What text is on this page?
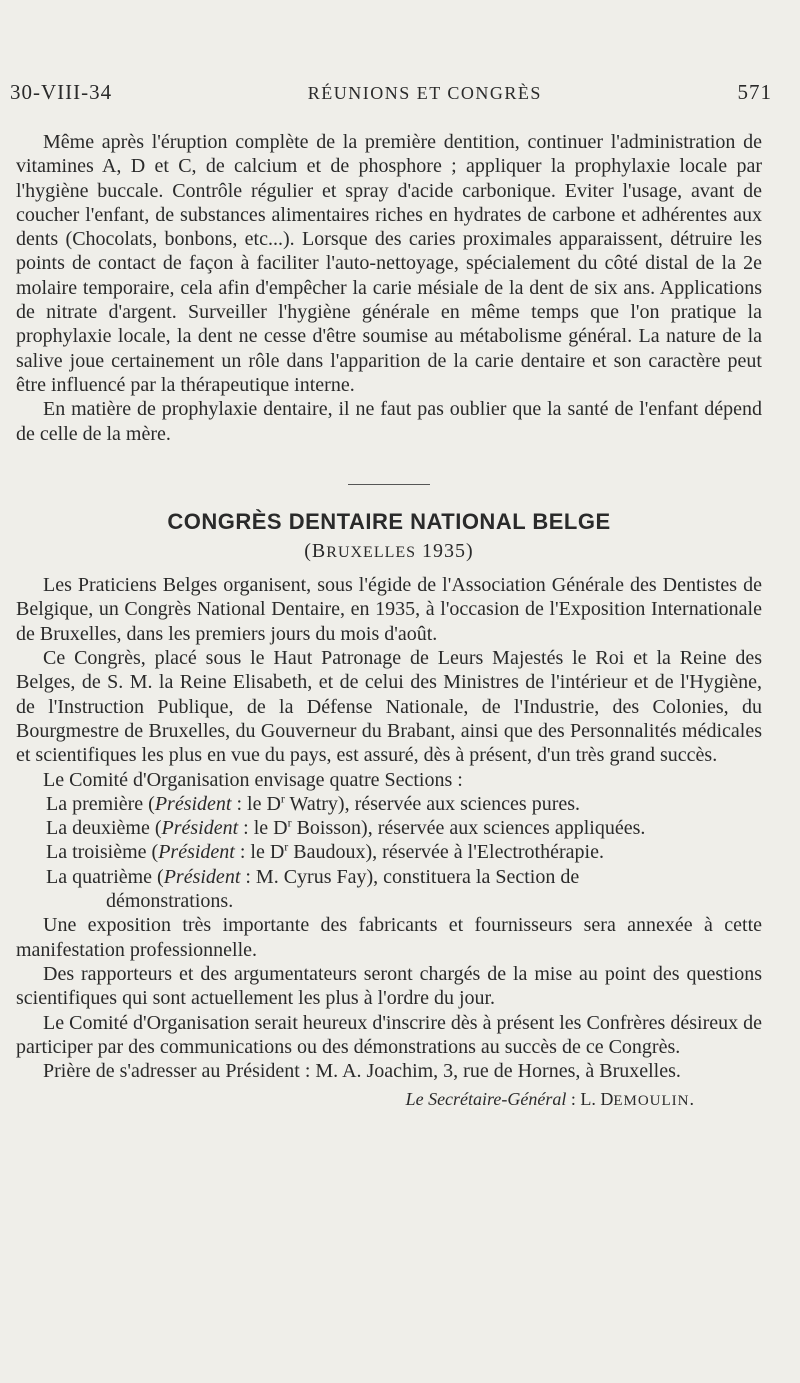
30-VIII-34	RÉUNIONS ET CONGRÈS	571

Même après l'éruption complète de la première dentition, continuer l'administration de vitamines A, D et C, de calcium et de phosphore ; appliquer la prophylaxie locale par l'hygiène buccale. Contrôle régulier et spray d'acide carbonique. Eviter l'usage, avant de coucher l'enfant, de substances alimentaires riches en hydrates de carbone et adhérentes aux dents (Chocolats, bonbons, etc...). Lorsque des caries proximales apparaissent, détruire les points de contact de façon à faciliter l'auto-nettoyage, spécialement du côté distal de la 2e molaire temporaire, cela afin d'empêcher la carie mésiale de la dent de six ans. Applications de nitrate d'argent. Surveiller l'hygiène générale en même temps que l'on pratique la prophylaxie locale, la dent ne cesse d'être soumise au métabolisme général. La nature de la salive joue certainement un rôle dans l'apparition de la carie dentaire et son caractère peut être influencé par la thérapeutique interne.

En matière de prophylaxie dentaire, il ne faut pas oublier que la santé de l'enfant dépend de celle de la mère.

CONGRÈS DENTAIRE NATIONAL BELGE
(BRUXELLES 1935)

Les Praticiens Belges organisent, sous l'égide de l'Association Générale des Dentistes de Belgique, un Congrès National Dentaire, en 1935, à l'occasion de l'Exposition Internationale de Bruxelles, dans les premiers jours du mois d'août.

Ce Congrès, placé sous le Haut Patronage de Leurs Majestés le Roi et la Reine des Belges, de S. M. la Reine Elisabeth, et de celui des Ministres de l'intérieur et de l'Hygiène, de l'Instruction Publique, de la Défense Nationale, de l'Industrie, des Colonies, du Bourgmestre de Bruxelles, du Gouverneur du Brabant, ainsi que des Personnalités médicales et scientifiques les plus en vue du pays, est assuré, dès à présent, d'un très grand succès.

Le Comité d'Organisation envisage quatre Sections :

La première (Président : le $D^r$ Watry), réservée aux sciences pures.

La deuxième (Président : le $D^r$ Boisson), réservée aux sciences appliquées.

La troisième (Président : le $D^r$ Baudoux), réservée à l'Electrothérapie.

La quatrième (Président : M. Cyrus Fay), constituera la Section de

démonstrations.

Une exposition très importante des fabricants et fournisseurs sera annexée à cette manifestation professionnelle.

Des rapporteurs et des argumentateurs seront chargés de la mise au point des questions scientifiques qui sont actuellement les plus à l'ordre du jour.

Le Comité d'Organisation serait heureux d'inscrire dès à présent les Confrères désireux de participer par des communications ou des démonstrations au succès de ce Congrès.

Prière de s'adresser au Président : M. A. Joachim, 3, rue de Hornes, à Bruxelles.

Le Secrétaire-Général : L. DEMOULIN.
